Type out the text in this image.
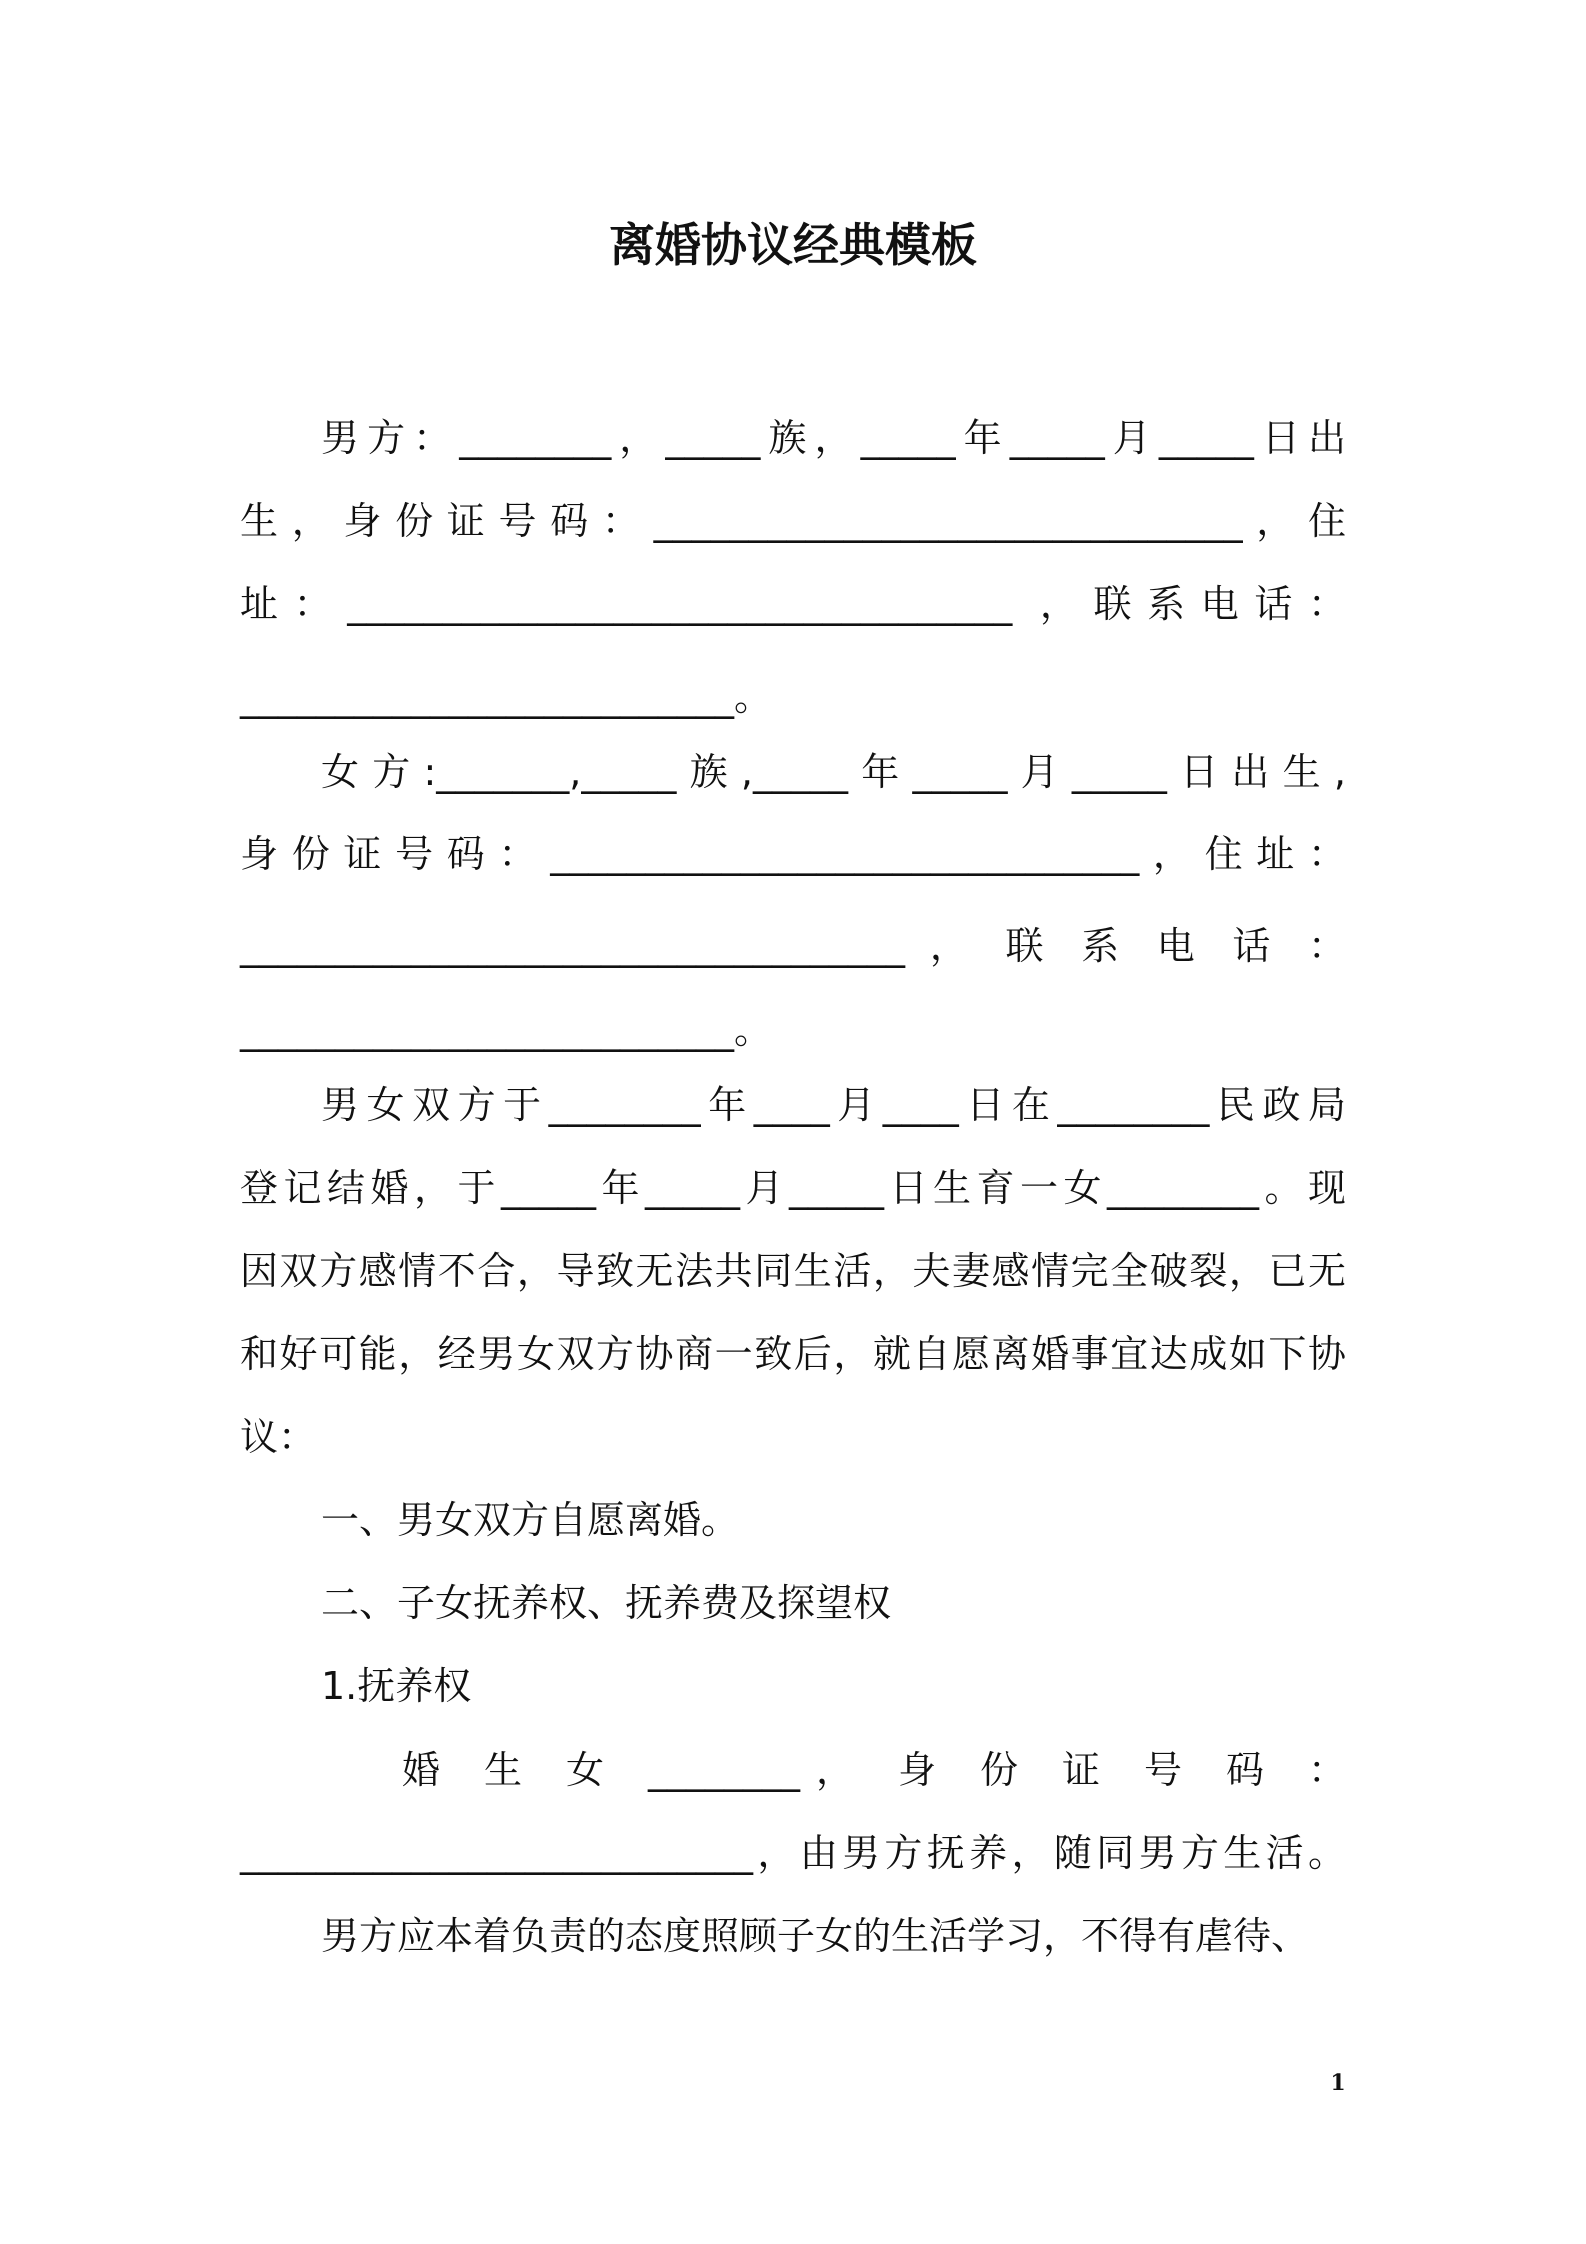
离婚协议经典模板

男方：________，_____族，_____年_____月_____日出

生，身份证号码：_______________________________，住

址：___________________________________ ，联系电话：

__________________________。

女方:_______,_____族,_____年_____月_____日出生,

身份证号码：_______________________________，住址：

___________________________________ ， 联 系 电 话 ：

__________________________。

男女双方于________年____月____日在________民政局

登记结婚，于_____年_____月_____日生育一女________。现

因双方感情不合，导致无法共同生活，夫妻感情完全破裂，已无

和好可能，经男女双方协商一致后，就自愿离婚事宜达成如下协

议：

一、男女双方自愿离婚。

二、子女抚养权、抚养费及探望权

1.抚养权

婚 生 女 ________， 身 份 证 号 码 ：

___________________________，由男方抚养，随同男方生活。

男方应本着负责的态度照顾子女的生活学习，不得有虐待、

1
